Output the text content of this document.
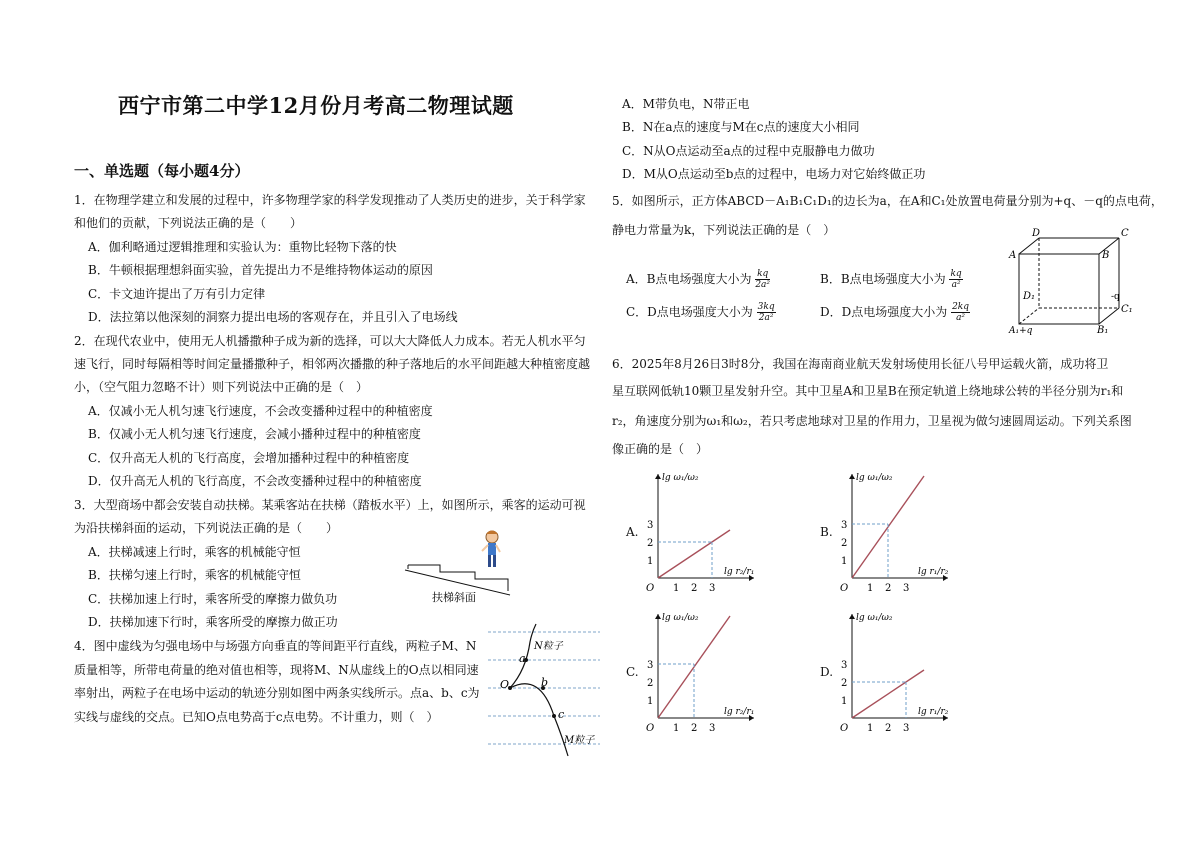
西宁市第二中学12月份月考高二物理试题
一、单选题（每小题4分）
1．在物理学建立和发展的过程中，许多物理学家的科学发现推动了人类历史的进步，关于科学家
和他们的贡献，下列说法正确的是（　　）
A．伽利略通过逻辑推理和实验认为：重物比轻物下落的快
B．牛顿根据理想斜面实验，首先提出力不是维持物体运动的原因
C．卡文迪许提出了万有引力定律
D．法拉第以他深刻的洞察力提出电场的客观存在，并且引入了电场线
2．在现代农业中，使用无人机播撒种子成为新的选择，可以大大降低人力成本。若无人机水平匀
速飞行，同时每隔相等时间定量播撒种子，相邻两次播撒的种子落地后的水平间距越大种植密度越
小，（空气阻力忽略不计）则下列说法中正确的是（　）
A．仅减小无人机匀速飞行速度，不会改变播种过程中的种植密度
B．仅减小无人机匀速飞行速度，会减小播种过程中的种植密度
C．仅升高无人机的飞行高度，会增加播种过程中的种植密度
D．仅升高无人机的飞行高度，不会改变播种过程中的种植密度
3．大型商场中都会安装自动扶梯。某乘客站在扶梯（踏板水平）上，如图所示，乘客的运动可视
为沿扶梯斜面的运动，下列说法正确的是（　　）
A．扶梯减速上行时，乘客的机械能守恒
B．扶梯匀速上行时，乘客的机械能守恒
C．扶梯加速上行时，乘客所受的摩擦力做负功
D．扶梯加速下行时，乘客所受的摩擦力做正功
扶梯斜面
4．图中虚线为匀强电场中与场强方向垂直的等间距平行直线，两粒子M、N
质量相等，所带电荷量的绝对值也相等，现将M、N从虚线上的O点以相同速
率射出，两粒子在电场中运动的轨迹分别如图中两条实线所示。点a、b、c为
实线与虚线的交点。已知O点电势高于c点电势。不计重力，则（　）
O
a
b
c
N粒子
M粒子
A．M带负电，N带正电
B．N在a点的速度与M在c点的速度大小相同
C．N从O点运动至a点的过程中克服静电力做功
D．M从O点运动至b点的过程中，电场力对它始终做正功
5．如图所示，正方体ABCD－A₁B₁C₁D₁的边长为a，在A和C₁处放置电荷量分别为+q、－q的点电荷，
静电力常量为k，下列说法正确的是（　）
A．B点电场强度大小为 $\frac{kq}{\text{2a²}}$	B．B点电场强度大小为 $\frac{kq}{\text{a²}}$
C．D点电场强度大小为 $\frac{3kq}{\text{2a²}}$	D．D点电场强度大小为 $\frac{2kq}{\text{a²}}$
D	C
A	B
D₁	-q
C₁
A₁+q	B₁
6．2025年8月26日3时8分，我国在海南商业航天发射场使用长征八号甲运载火箭，成功将卫
星互联网低轨10颗卫星发射升空。其中卫星A和卫星B在预定轨道上绕地球公转的半径分别为r₁和
r₂，角速度分别为ω₁和ω₂，若只考虑地球对卫星的作用力，卫星视为做匀速圆周运动。下列关系图
像正确的是（　）
A.	B.
C.	D.
1
1
2
2
3
3
O
lg ω₁/ω₂
lg r₂/r₁
1
1
2
2
3
3
O
lg ω₁/ω₂
lg r₁/r₂
1
1
2
2
3
3
O
lg ω₁/ω₂
lg r₂/r₁
1
1
2
2
3
3
O
lg ω₁/ω₂
lg r₁/r₂
